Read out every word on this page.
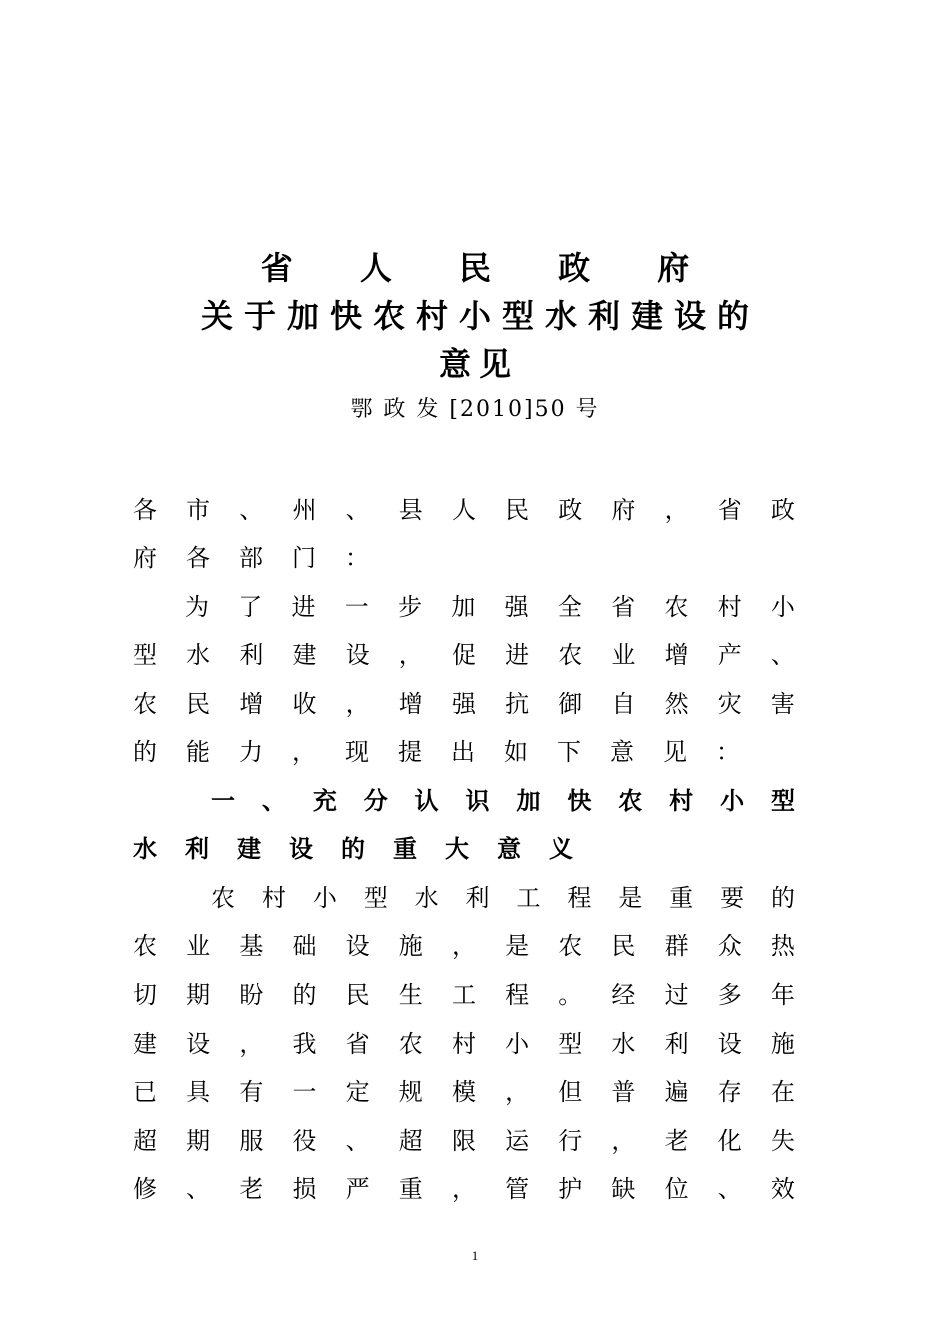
省 人 民 政 府
关于加快农村小型水利建设的
意见
鄂 政 发 [2010]50 号
各 市 、 州 、 县 人 民 政 府 ， 省 政
府 各 部 门 ：
为 了 进 一 步 加 强 全 省 农 村 小
型 水 利 建 设 ， 促 进 农 业 增 产 、
农 民 增 收 ， 增 强 抗 御 自 然 灾 害
的 能 力 ， 现 提 出 如 下 意 见 ：
一 、 充 分 认 识 加 快 农 村 小 型
水 利 建 设 的 重 大 意 义
农 村 小 型 水 利 工 程 是 重 要 的
农 业 基 础 设 施 ， 是 农 民 群 众 热
切 期 盼 的 民 生 工 程 。 经 过 多 年
建 设 ， 我 省 农 村 小 型 水 利 设 施
已 具 有 一 定 规 模 ， 但 普 遍 存 在
超 期 服 役 、 超 限 运 行 ， 老 化 失
修 、 老 损 严 重 ， 管 护 缺 位 、 效
1
